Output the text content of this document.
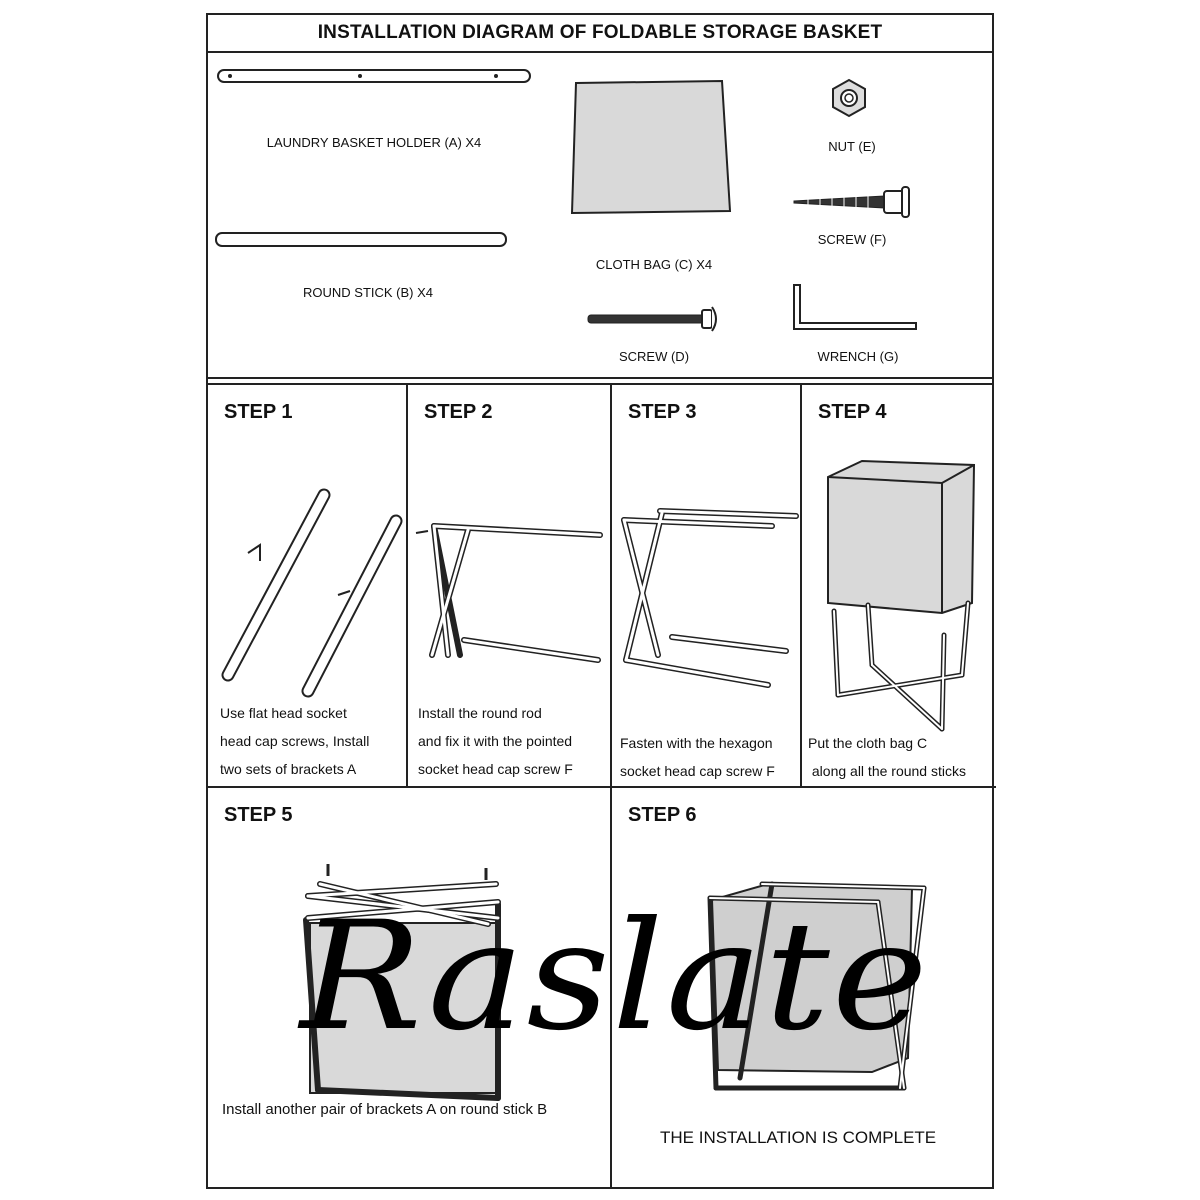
INSTALLATION DIAGRAM OF FOLDABLE STORAGE BASKET
LAUNDRY BASKET HOLDER (A) X4
ROUND STICK (B) X4
CLOTH BAG (C) X4
SCREW (D)
NUT (E)
SCREW (F)
WRENCH (G)
STEP 1
Use flat head socket
head cap screws, Install
two sets of brackets A
STEP 2
Install the round rod
and fix it with the pointed
socket head cap screw F
STEP 3
Fasten with the hexagon
socket head cap screw F
STEP 4
Put the cloth bag C
along all the round sticks
STEP 5
Install another pair of brackets A on round stick B
STEP 6
THE INSTALLATION IS COMPLETE
Raslate
